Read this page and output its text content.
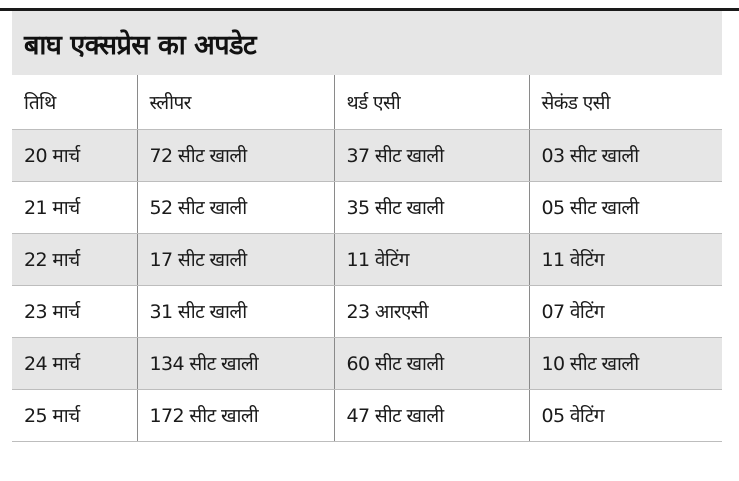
बाघ एक्सप्रेस का अपडेट
तिथि	स्लीपर	थर्ड एसी	सेकंड एसी
20 मार्च	72 सीट खाली	37 सीट खाली	03 सीट खाली
21 मार्च	52 सीट खाली	35 सीट खाली	05 सीट खाली
22 मार्च	17 सीट खाली	11 वेटिंग	11 वेटिंग
23 मार्च	31 सीट खाली	23 आरएसी	07 वेटिंग
24 मार्च	134 सीट खाली	60 सीट खाली	10 सीट खाली
25 मार्च	172 सीट खाली	47 सीट खाली	05 वेटिंग
